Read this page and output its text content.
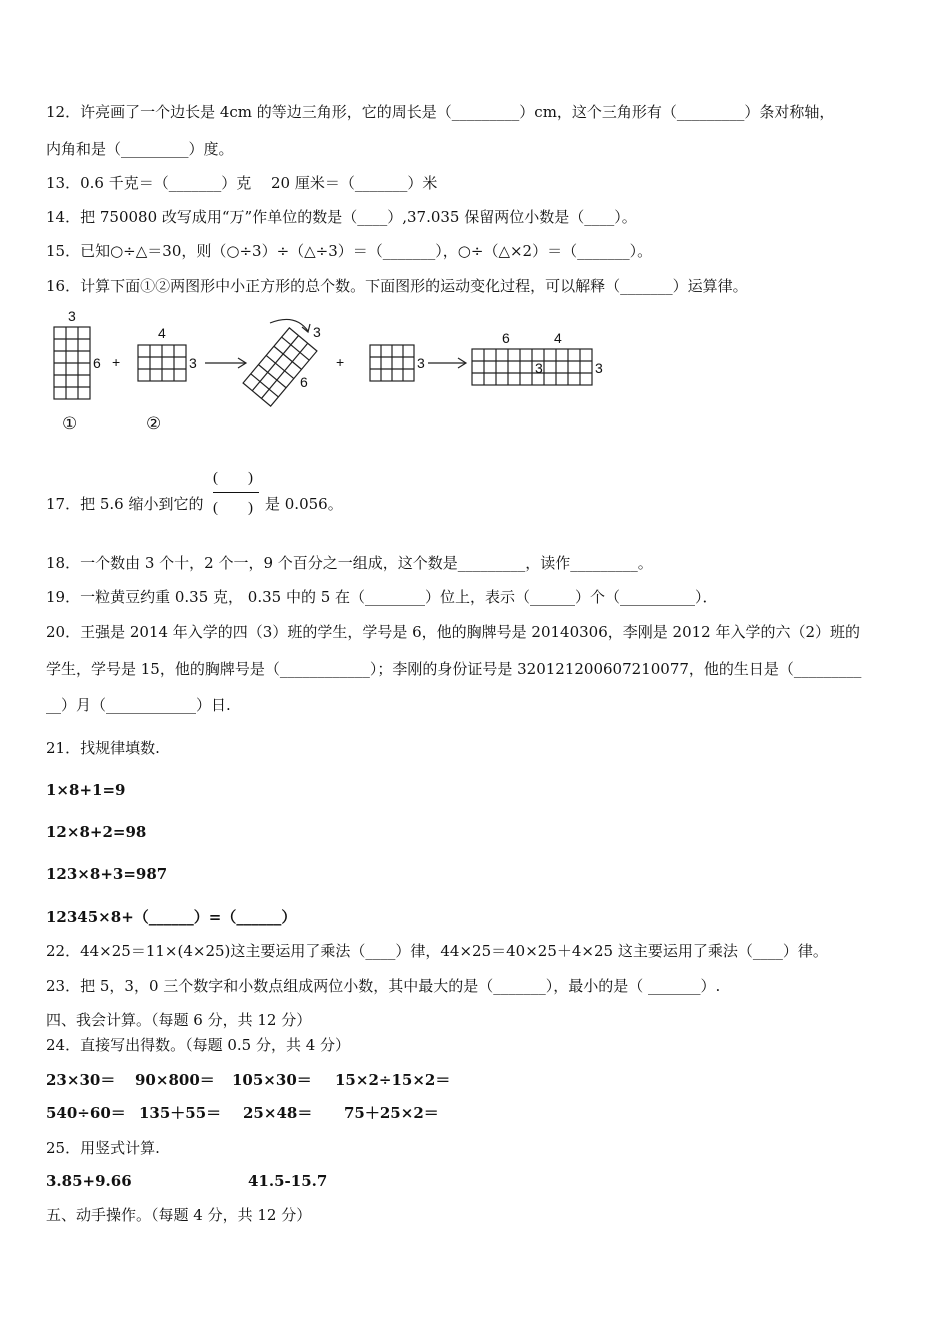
12．许亮画了一个边长是 4cm 的等边三角形，它的周长是（_________）cm，这个三角形有（_________）条对称轴，
内角和是（_________）度。
13．0.6 千克＝（_______）克　 20 厘米＝（_______）米
14．把 750080 改写成用“万”作单位的数是（____）,37.035 保留两位小数是（____）。
15．已知○÷△＝30，则（○÷3）÷（△÷3）＝（_______），○÷（△×2）＝（_______）。
16．计算下面①②两图形中小正方形的总个数。下面图形的运动变化过程，可以解释（_______）运算律。
3
6 +
4
3
3
6
+	3
6	4
3	3
①	②
17．把 5.6 缩小到它的
(　　)
(　　) 是 0.056。
18．一个数由 3 个十，2 个一，9 个百分之一组成，这个数是_________，读作_________。
19．一粒黄豆约重 0.35 克， 0.35 中的 5 在（________）位上，表示（______）个（__________）．
20．王强是 2014 年入学的四（3）班的学生，学号是 6，他的胸牌号是 20140306，李刚是 2012 年入学的六（2）班的
学生，学号是 15，他的胸牌号是（____________）；李刚的身份证号是 320121200607210077，他的生日是（_________
__）月（____________）日.
21．找规律填数.
1×8+1=9
12×8+2=98
123×8+3=987
12345×8+（______）=（______）
22．44×25＝11×(4×25)这主要运用了乘法（____）律，44×25＝40×25＋4×25 这主要运用了乘法（____）律。
23．把 5，3，0 三个数字和小数点组成两位小数，其中最大的是（_______），最小的是（ _______）.
四、我会计算。（每题 6 分，共 12 分）
24．直接写出得数。（每题 0.5 分，共 4 分）
23×30＝ 90×800＝ 105×30＝ 15×2÷15×2＝
540÷60＝ 135＋55＝ 25×48＝ 75＋25×2＝
25．用竖式计算.
3.85+9.66	41.5-15.7
五、动手操作。（每题 4 分，共 12 分）
